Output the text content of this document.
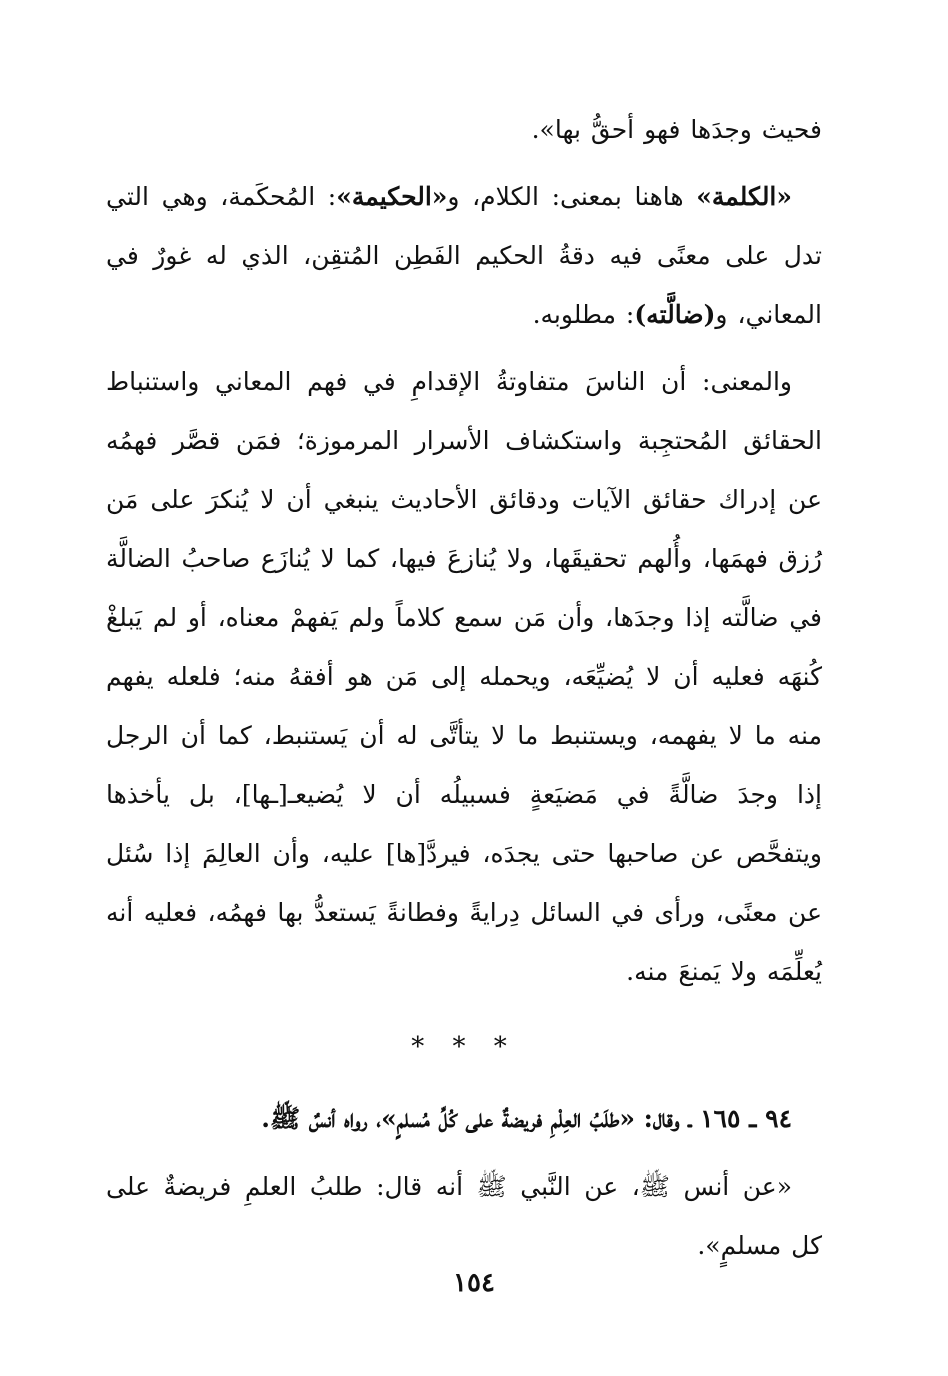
فحيث وجدَها فهو أحقُّ بها».

«الكلمة» هاهنا بمعنى: الكلام، و«الحكيمة»: المُحكَمة، وهي التي تدل على معنًى فيه دقةُ الحكيم الفَطِن المُتقِن، الذي له غورٌ في المعاني، و(ضالَّته): مطلوبه.

والمعنى: أن الناسَ متفاوتةُ الإقدامِ في فهم المعاني واستنباط الحقائق المُحتجِبة واستكشاف الأسرار المرموزة؛ فمَن قصَّر فهمُه عن إدراك حقائق الآيات ودقائق الأحاديث ينبغي أن لا يُنكرَ على مَن رُزق فهمَها، وأُلهم تحقيقَها، ولا يُنازعَ فيها، كما لا يُنازَع صاحبُ الضالَّة في ضالَّته إذا وجدَها، وأن مَن سمع كلاماً ولم يَفهمْ معناه، أو لم يَبلغْ كُنهَه فعليه أن لا يُضيِّعَه، ويحمله إلى مَن هو أفقهُ منه؛ فلعله يفهم منه ما لا يفهمه، ويستنبط ما لا يتأتَّى له أن يَستنبط، كما أن الرجل إذا وجدَ ضالَّةً في مَضيَعةٍ فسبيلُه أن لا يُضيعـ[ـها]، بل يأخذها ويتفحَّص عن صاحبها حتى يجدَه، فيردَّ[ها] عليه، وأن العالِمَ إذا سُئل عن معنًى، ورأى في السائل دِرايةً وفطانةً يَستعدُّ بها فهمُه، فعليه أنه يُعلِّمَه ولا يَمنعَ منه.

* * *

٩٤ ـ ١٦٥ ـ وقال: «طلَبُ العِلْمِ فريضةٌ على كُلِّ مُسلمٍ»، رواه أنسٌ ﷺ.

«عن أنس ﷺ، عن النَّبي ﷺ أنه قال: طلبُ العلمِ فريضةٌ على كل مسلمٍ».

١٥٤
